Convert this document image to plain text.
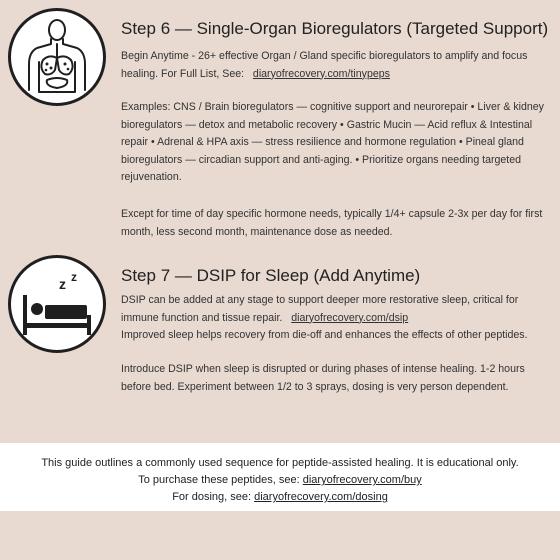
Step 6 — Single-Organ Bioregulators (Targeted Support)

Begin Anytime - 26+ effective Organ / Gland specific bioregulators to amplify and focus healing. For Full List, See: diaryofrecovery.com/tinypeps

Examples: CNS / Brain bioregulators — cognitive support and neurorepair • Liver & kidney bioregulators — detox and metabolic recovery • Gastric Mucin — Acid reflux & Intestinal repair • Adrenal & HPA axis — stress resilience and hormone regulation • Pineal gland bioregulators — circadian support and anti-aging. • Prioritize organs needing targeted rejuvenation.

Except for time of day specific hormone needs, typically 1/4+ capsule 2-3x per day for first month, less second month, maintenance dose as needed.

z z	Step 7 — DSIP for Sleep (Add Anytime)

DSIP can be added at any stage to support deeper more restorative sleep, critical for immune function and tissue repair. diaryofrecovery.com/dsip
Improved sleep helps recovery from die-off and enhances the effects of other peptides.

Introduce DSIP when sleep is disrupted or during phases of intense healing. 1-2 hours before bed. Experiment between 1/2 to 3 sprays, dosing is very person dependent.

This guide outlines a commonly used sequence for peptide-assisted healing. It is educational only.

To purchase these peptides, see: diaryofrecovery.com/buy

For dosing, see: diaryofrecovery.com/dosing
